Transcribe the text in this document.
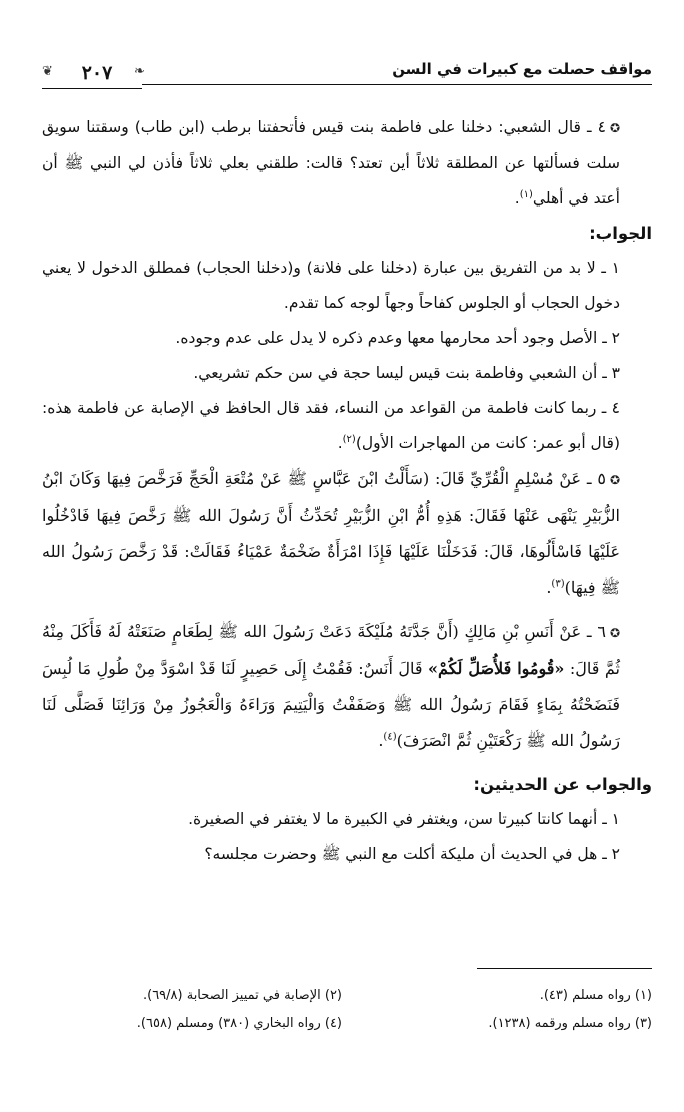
مواقف حصلت مع كبيرات في السن
❦	٢٠٧	❧

✪٤ ـ قال الشعبي: دخلنا على فاطمة بنت قيس فأتحفتنا برطب (ابن طاب) وسقتنا سويق سلت فسألتها عن المطلقة ثلاثاً أين تعتد؟ قالت: طلقني بعلي ثلاثاً فأذن لي النبي ﷺ أن أعتد في أهلي$^{(١)}$.

الجواب:

١ ـ لا بد من التفريق بين عبارة (دخلنا على فلانة) و(دخلنا الحجاب) فمطلق الدخول لا يعني دخول الحجاب أو الجلوس كفاحاً وجهاً لوجه كما تقدم.

٢ ـ الأصل وجود أحد محارمها معها وعدم ذكره لا يدل على عدم وجوده.

٣ ـ أن الشعبي وفاطمة بنت قيس ليسا حجة في سن حكم تشريعي.

٤ ـ ربما كانت فاطمة من القواعد من النساء، فقد قال الحافظ في الإصابة عن فاطمة هذه: (قال أبو عمر: كانت من المهاجرات الأول)$^{(٢)}$.

✪٥ ـ عَنْ مُسْلِمٍ الْقُرِّيِّ قَالَ: (سَأَلْتُ ابْنَ عَبَّاسٍ ﷺ عَنْ مُتْعَةِ الْحَجِّ فَرَخَّصَ فِيهَا وَكَانَ ابْنُ الزُّبَيْرِ يَنْهَى عَنْهَا فَقَالَ: هَذِهِ أُمُّ ابْنِ الزُّبَيْرِ تُحَدِّثُ أَنَّ رَسُولَ الله ﷺ رَخَّصَ فِيهَا فَادْخُلُوا عَلَيْهَا فَاسْأَلُوهَا، قَالَ: فَدَخَلْنَا عَلَيْهَا فَإِذَا امْرَأَةٌ ضَخْمَةٌ عَمْيَاءُ فَقَالَتْ: قَدْ رَخَّصَ رَسُولُ الله ﷺ فِيهَا)$^{(٣)}$.

✪٦ ـ عَنْ أَنَسِ بْنِ مَالِكٍ (أَنَّ جَدَّتَهُ مُلَيْكَةَ دَعَتْ رَسُولَ الله ﷺ لِطَعَامٍ صَنَعَتْهُ لَهُ فَأَكَلَ مِنْهُ ثُمَّ قَالَ: «قُومُوا فَلأُصَلِّ لَكُمْ» قَالَ أَنَسٌ: فَقُمْتُ إِلَى حَصِيرٍ لَنَا قَدْ اسْوَدَّ مِنْ طُولِ مَا لُبِسَ فَنَضَحْتُهُ بِمَاءٍ فَقَامَ رَسُولُ الله ﷺ وَصَفَفْتُ وَالْيَتِيمَ وَرَاءَهُ وَالْعَجُوزُ مِنْ وَرَائِنَا فَصَلَّى لَنَا رَسُولُ الله ﷺ رَكْعَتَيْنِ ثُمَّ انْصَرَفَ)$^{(٤)}$.

والجواب عن الحديثين:

١ ـ أنهما كانتا كبيرتا سن، ويغتفر في الكبيرة ما لا يغتفر في الصغيرة.

٢ ـ هل في الحديث أن مليكة أكلت مع النبي ﷺ وحضرت مجلسه؟

(١) رواه مسلم (٤٣).
(٢) الإصابة في تمييز الصحابة (٦٩/٨).
(٣) رواه مسلم ورقمه (١٢٣٨).
(٤) رواه البخاري (٣٨٠) ومسلم (٦٥٨).
